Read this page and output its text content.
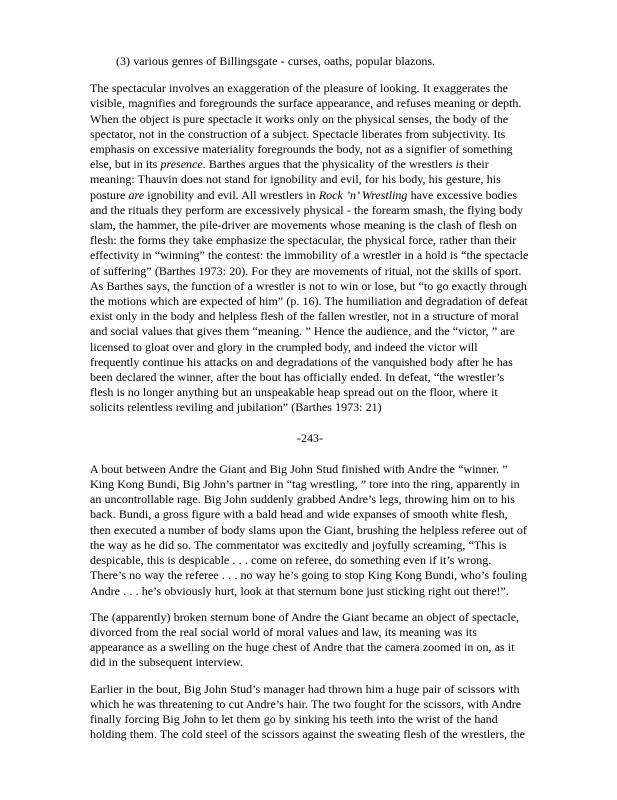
(3) various genres of Billingsgate - curses, oaths, popular blazons.

The spectacular involves an exaggeration of the pleasure of looking. It exaggerates the visible, magnifies and foregrounds the surface appearance, and refuses meaning or depth. When the object is pure spectacle it works only on the physical senses, the body of the spectator, not in the construction of a subject. Spectacle liberates from subjectivity. Its emphasis on excessive materiality foregrounds the body, not as a signifier of something else, but in its presence. Barthes argues that the physicality of the wrestlers is their meaning: Thauvin does not stand for ignobility and evil, for his body, his gesture, his posture are ignobility and evil. All wrestlers in Rock ’n’ Wrestling have excessive bodies and the rituals they perform are excessively physical - the forearm smash, the flying body slam, the hammer, the pile-driver are movements whose meaning is the clash of flesh on flesh: the forms they take emphasize the spectacular, the physical force, rather than their effectivity in “winning” the contest: the immobility of a wrestler in a hold is “the spectacle of suffering” (Barthes 1973: 20). For they are movements of ritual, not the skills of sport. As Barthes says, the function of a wrestler is not to win or lose, but “to go exactly through the motions which are expected of him” (p. 16). The humiliation and degradation of defeat exist only in the body and helpless flesh of the fallen wrestler, not in a structure of moral and social values that gives them “meaning. ” Hence the audience, and the “victor, ” are licensed to gloat over and glory in the crumpled body, and indeed the victor will frequently continue his attacks on and degradations of the vanquished body after he has been declared the winner, after the bout has officially ended. In defeat, “the wrestler’s flesh is no longer anything but an unspeakable heap spread out on the floor, where it solicits relentless reviling and jubilation” (Barthes 1973: 21)

-243-

A bout between Andre the Giant and Big John Stud finished with Andre the “winner. ” King Kong Bundi, Big John’s partner in “tag wrestling, ” tore into the ring, apparently in an uncontrollable rage. Big John suddenly grabbed Andre’s legs, throwing him on to his back. Bundi, a gross figure with a bald head and wide expanses of smooth white flesh, then executed a number of body slams upon the Giant, brushing the helpless referee out of the way as he did so. The commentator was excitedly and joyfully screaming, “This is despicable, this is despicable . . . come on referee, do something even if it’s wrong. There’s no way the referee . . . no way he’s going to stop King Kong Bundi, who’s fouling Andre . . . he’s obviously hurt, look at that sternum bone just sticking right out there!”.

The (apparently) broken sternum bone of Andre the Giant became an object of spectacle, divorced from the real social world of moral values and law, its meaning was its appearance as a swelling on the huge chest of Andre that the camera zoomed in on, as it did in the subsequent interview.

Earlier in the bout, Big John Stud’s manager had thrown him a huge pair of scissors with which he was threatening to cut Andre’s hair. The two fought for the scissors, with Andre finally forcing Big John to let them go by sinking his teeth into the wrist of the hand holding them. The cold steel of the scissors against the sweating flesh of the wrestlers, the
